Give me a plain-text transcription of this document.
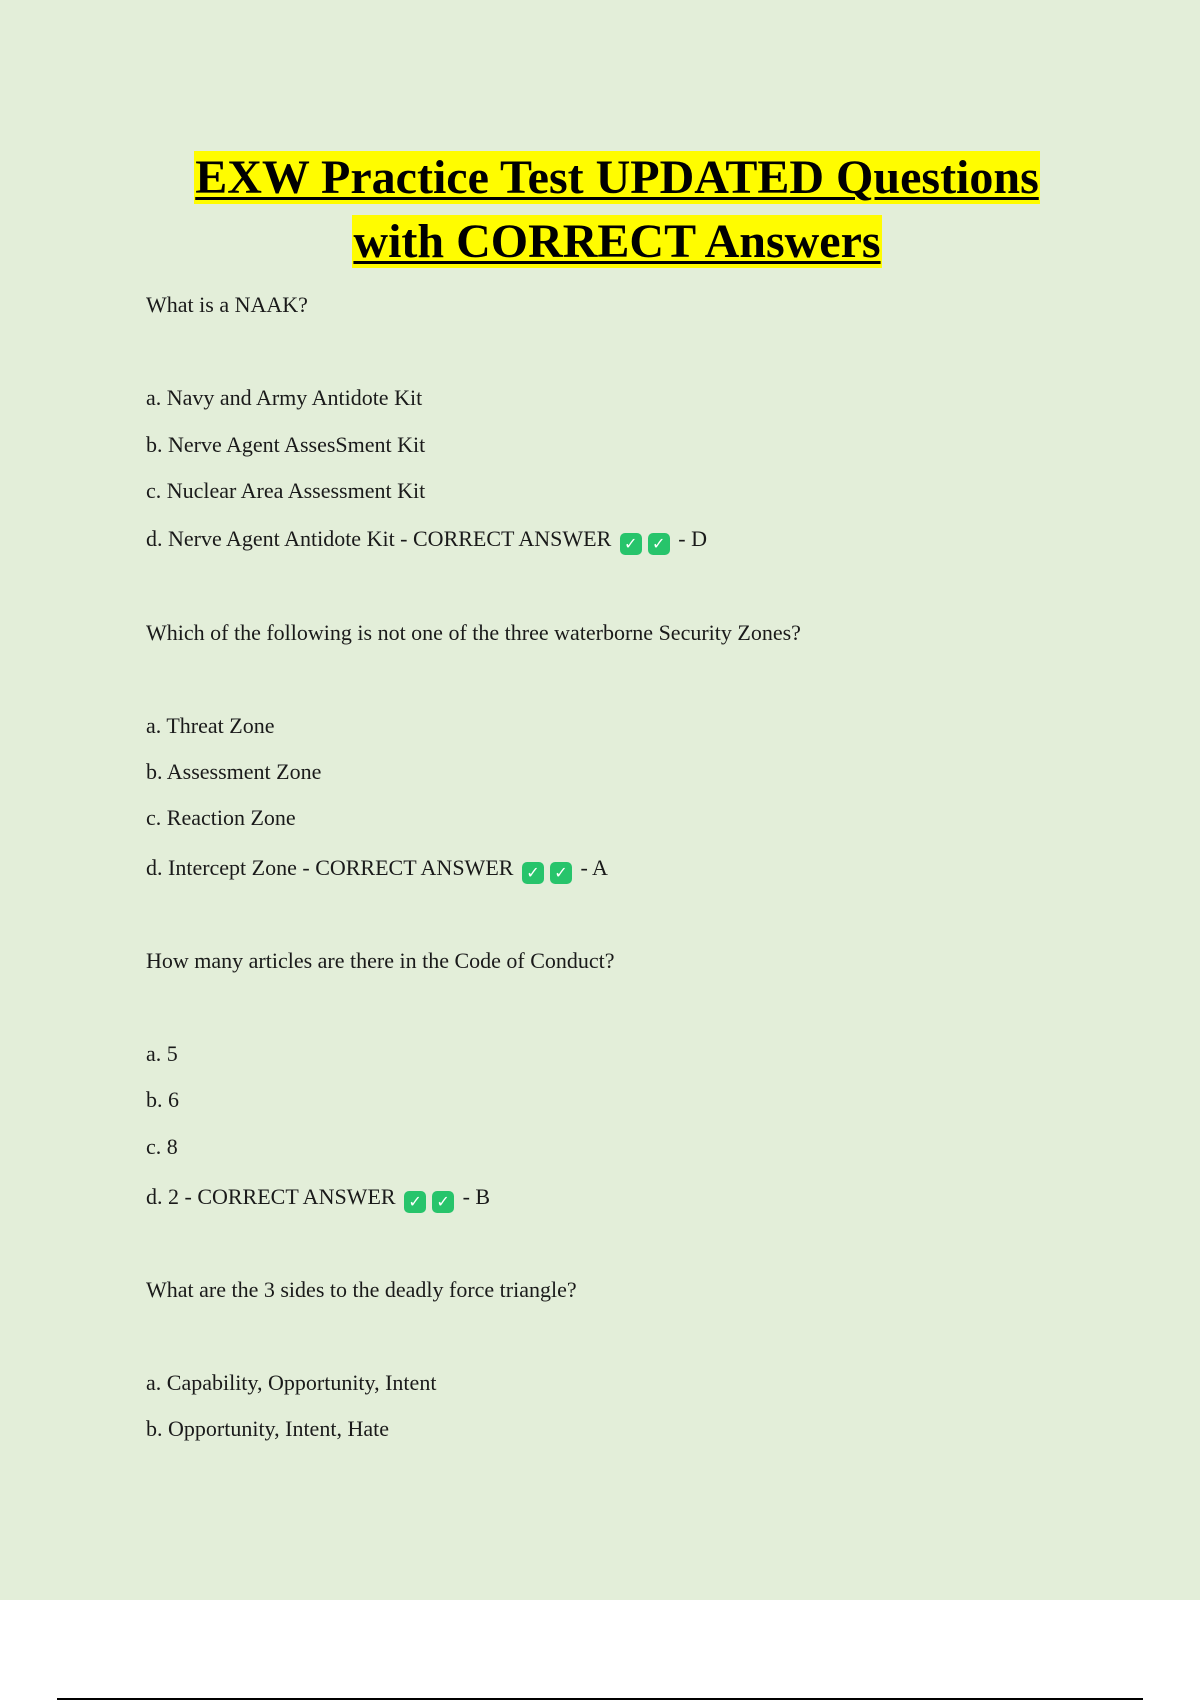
EXW Practice Test UPDATED Questions
with CORRECT Answers
What is a NAAK?
a. Navy and Army Antidote Kit
b. Nerve Agent AssesSment Kit
c. Nuclear Area Assessment Kit
d. Nerve Agent Antidote Kit - CORRECT ANSWER ✓ ✓ - D
Which of the following is not one of the three waterborne Security Zones?
a. Threat Zone
b. Assessment Zone
c. Reaction Zone
d. Intercept Zone - CORRECT ANSWER ✓ ✓ - A
How many articles are there in the Code of Conduct?
a. 5
b. 6
c. 8
d. 2 - CORRECT ANSWER ✓ ✓ - B
What are the 3 sides to the deadly force triangle?
a. Capability, Opportunity, Intent
b. Opportunity, Intent, Hate
